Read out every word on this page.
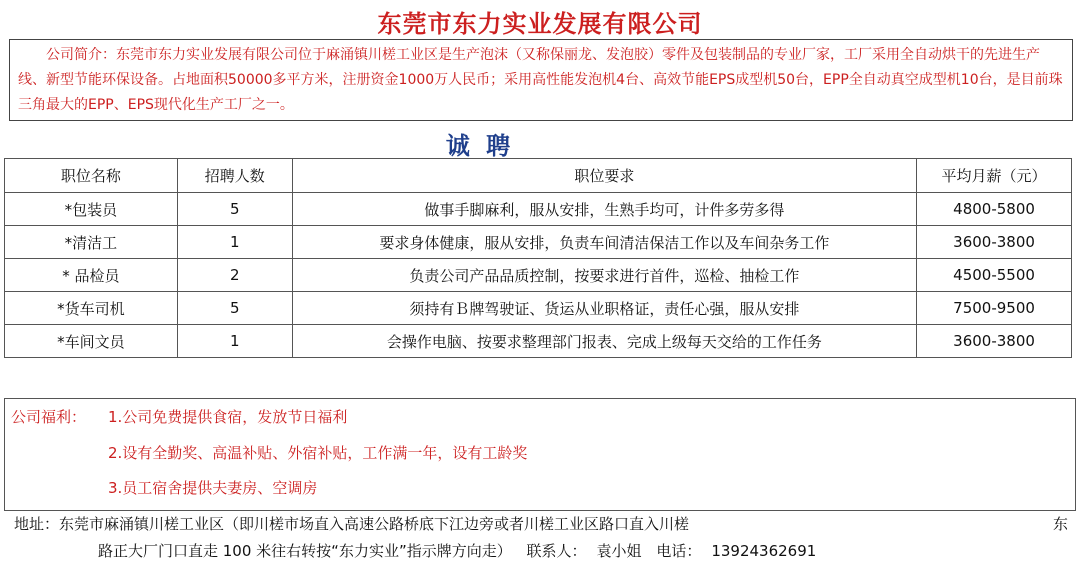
东莞市东力实业发展有限公司

公司简介：东莞市东力实业发展有限公司位于麻涌镇川槎工业区是生产泡沫（又称保丽龙、发泡胶）零件及包装制品的专业厂家，工厂采用全自动烘干的先进生产线、新型节能环保设备。占地面积50000多平方米，注册资金1000万人民币；采用高性能发泡机4台、高效节能EPS成型机50台，EPP全自动真空成型机10台，是目前珠三角最大的EPP、EPS现代化生产工厂之一。

诚 聘
职位名称	招聘人数	职位要求	平均月薪（元）
*包装员	5	做事手脚麻利，服从安排，生熟手均可，计件多劳多得	4800-5800
*清洁工	1	要求身体健康，服从安排，负责车间清洁保洁工作以及车间杂务工作	3600-3800
* 品检员	2	负责公司产品品质控制，按要求进行首件，巡检、抽检工作	4500-5500
*货车司机	5	须持有Ｂ牌驾驶证、货运从业职格证，责任心强，服从安排	7500-9500
*车间文员	1	会操作电脑、按要求整理部门报表、完成上级每天交给的工作任务	3600-3800
公司福利： 1.公司免费提供食宿，发放节日福利
2.设有全勤奖、高温补贴、外宿补贴，工作满一年，设有工龄奖
3.员工宿舍提供夫妻房、空调房
地址：东莞市麻涌镇川槎工业区（即川槎市场直入高速公路桥底下江边旁或者川槎工业区路口直入川槎	东
路正大厂门口直走 100 米往右转按“东力实业”指示牌方向走） 联系人： 袁小姐 电话： 13924362691
